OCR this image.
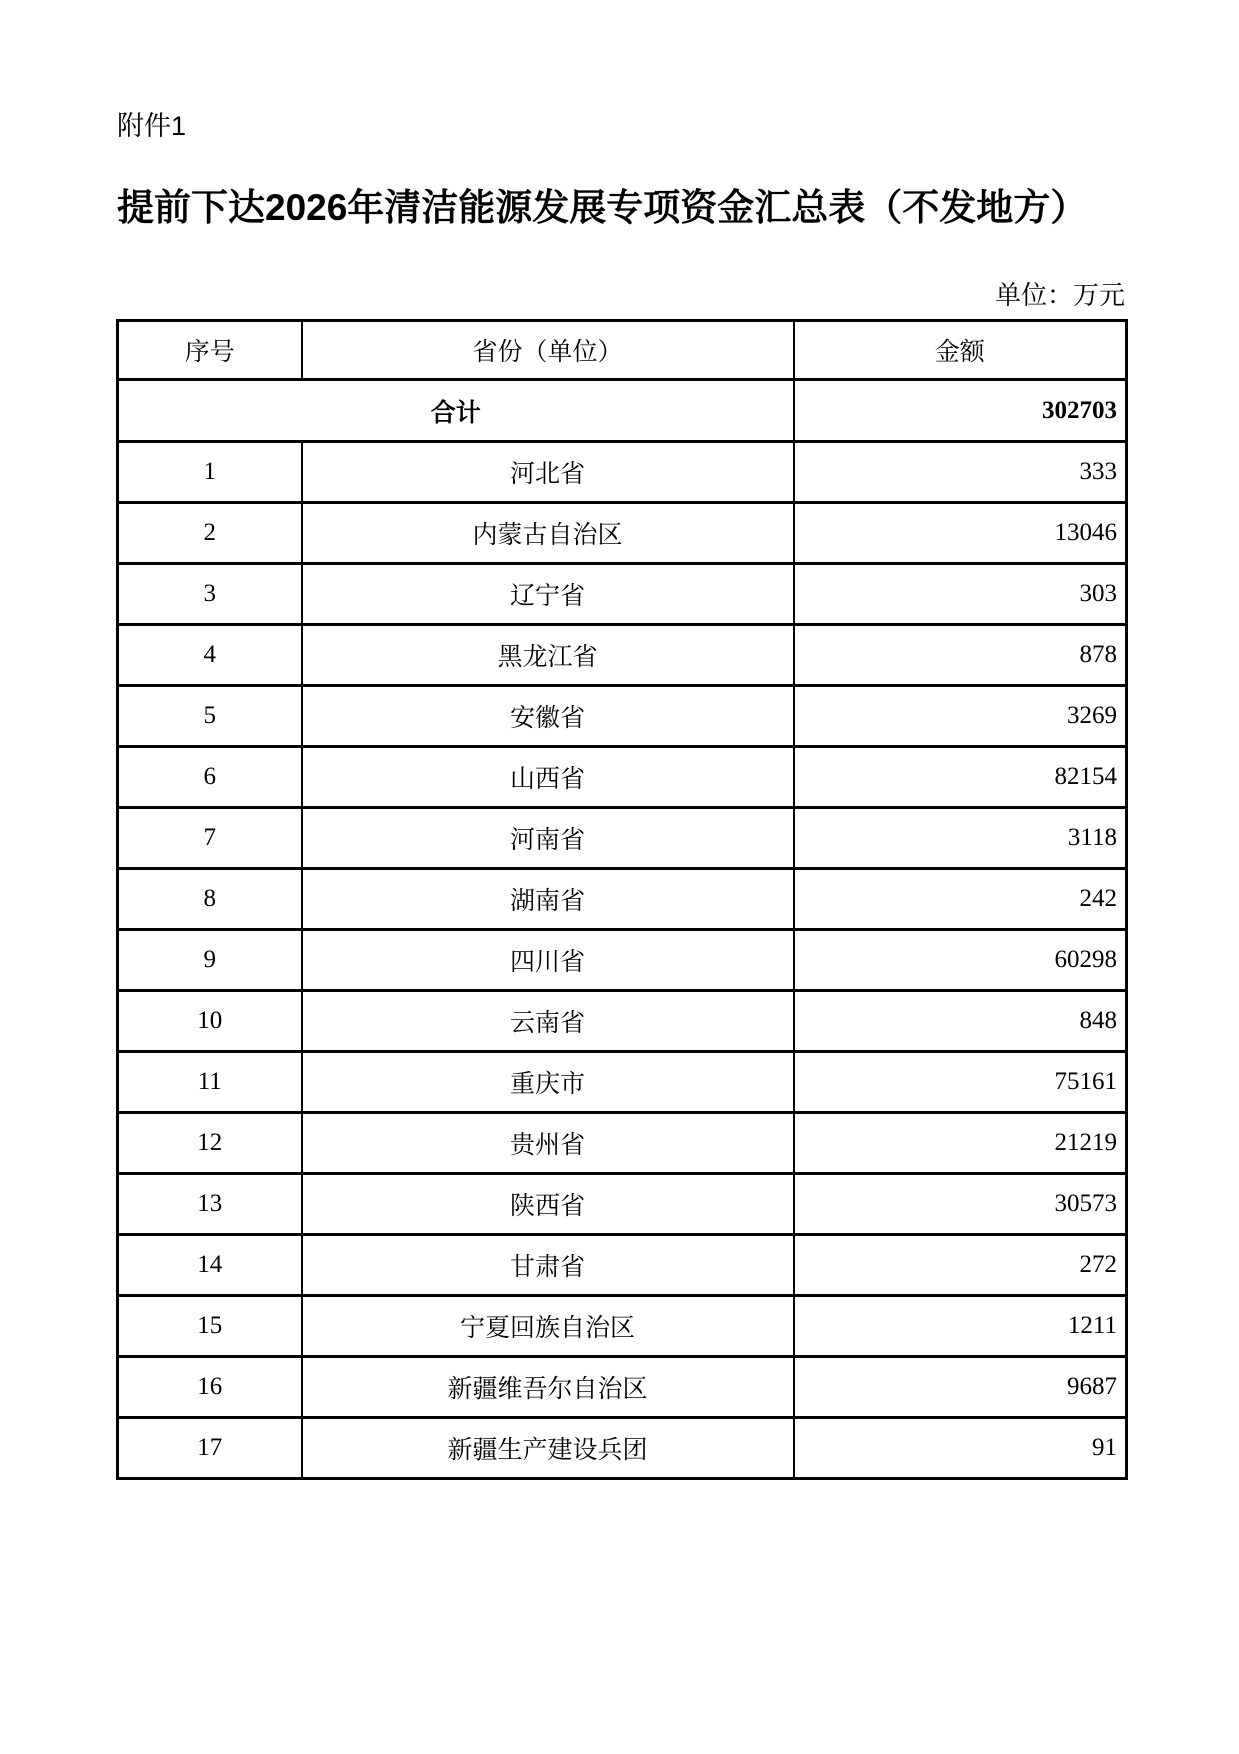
附件1
提前下达2026年清洁能源发展专项资金汇总表（不发地方）
单位：万元
序号	省份（单位）	金额
合计		302703
1	河北省	333
2	内蒙古自治区	13046
3	辽宁省	303
4	黑龙江省	878
5	安徽省	3269
6	山西省	82154
7	河南省	3118
8	湖南省	242
9	四川省	60298
10	云南省	848
11	重庆市	75161
12	贵州省	21219
13	陕西省	30573
14	甘肃省	272
15	宁夏回族自治区	1211
16	新疆维吾尔自治区	9687
17	新疆生产建设兵团	91
